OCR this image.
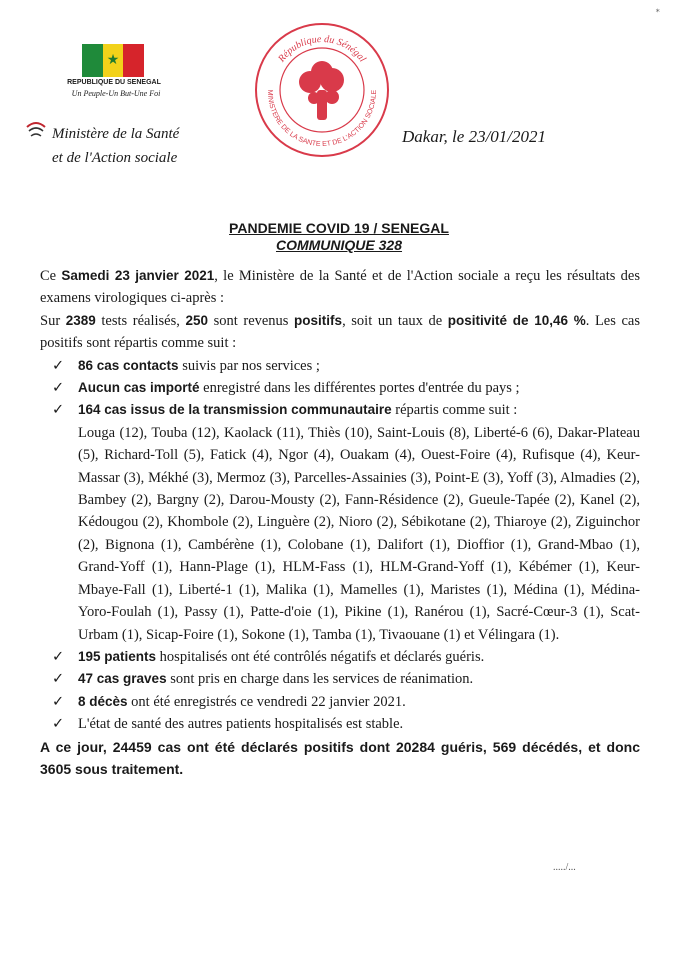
★
REPUBLIQUE DU SENEGAL
Un Peuple-Un But-Une Foi
Ministère de la Santé
et de l'Action sociale
République du Sénégal
MINISTERE DE LA SANTE ET DE L'ACTION SOCIALE
Dakar, le 23/01/2021
∗
PANDEMIE COVID 19 / SENEGAL
COMMUNIQUE 328

Ce Samedi 23 janvier 2021, le Ministère de la Santé et de l'Action sociale a reçu les résultats des examens virologiques ci-après :

Sur 2389 tests réalisés, 250 sont revenus positifs, soit un taux de positivité de 10,46 %. Les cas positifs sont répartis comme suit :

✓ 86 cas contacts suivis par nos services ;
✓ Aucun cas importé enregistré dans les différentes portes d'entrée du pays ;
✓ 164 cas issus de la transmission communautaire répartis comme suit :
Louga (12), Touba (12), Kaolack (11), Thiès (10), Saint-Louis (8), Liberté-6 (6), Dakar-Plateau (5), Richard-Toll (5), Fatick (4), Ngor (4), Ouakam (4), Ouest-Foire (4), Rufisque (4), Keur-Massar (3), Mékhé (3), Mermoz (3), Parcelles-Assainies (3), Point-E (3), Yoff (3), Almadies (2), Bambey (2), Bargny (2), Darou-Mousty (2), Fann-Résidence (2), Gueule-Tapée (2), Kanel (2), Kédougou (2), Khombole (2), Linguère (2), Nioro (2), Sébikotane (2), Thiaroye (2), Ziguinchor (2), Bignona (1), Cambérène (1), Colobane (1), Dalifort (1), Dioffior (1), Grand-Mbao (1), Grand-Yoff (1), Hann-Plage (1), HLM-Fass (1), HLM-Grand-Yoff (1), Kébémer (1), Keur-Mbaye-Fall (1), Liberté-1 (1), Malika (1), Mamelles (1), Maristes (1), Médina (1), Médina-Yoro-Foulah (1), Passy (1), Patte-d'oie (1), Pikine (1), Ranérou (1), Sacré-Cœur-3 (1), Scat-Urbam (1), Sicap-Foire (1), Sokone (1), Tamba (1), Tivaouane (1) et Vélingara (1).
✓ 195 patients hospitalisés ont été contrôlés négatifs et déclarés guéris.
✓ 47 cas graves sont pris en charge dans les services de réanimation.
✓ 8 décès ont été enregistrés ce vendredi 22 janvier 2021.
✓ L'état de santé des autres patients hospitalisés est stable.

A ce jour, 24459 cas ont été déclarés positifs dont 20284 guéris, 569 décédés, et donc 3605 sous traitement.

...../...
